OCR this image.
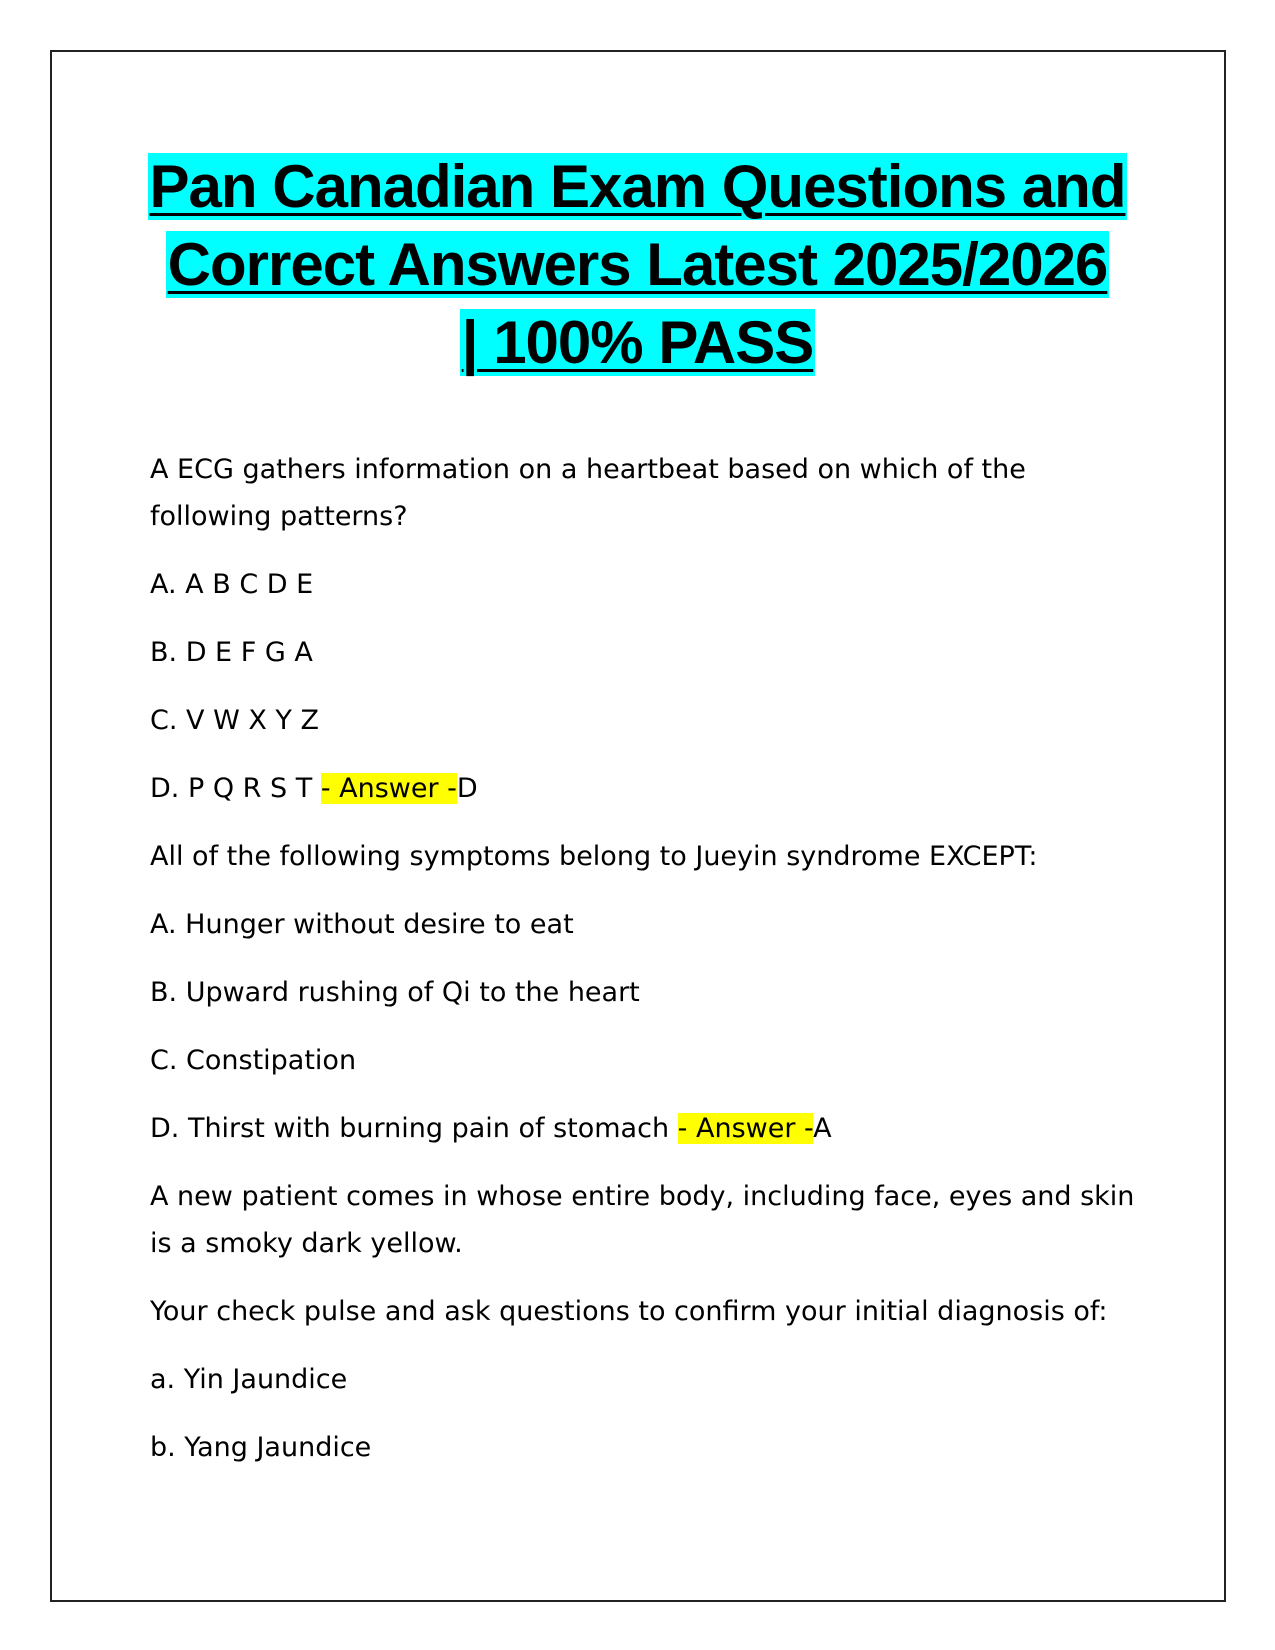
Pan Canadian Exam Questions and
Correct Answers Latest 2025/2026
| 100% PASS

A ECG gathers information on a heartbeat based on which of the following patterns?

A. A B C D E

B. D E F G A

C. V W X Y Z

D. P Q R S T - Answer -D

All of the following symptoms belong to Jueyin syndrome EXCEPT:

A. Hunger without desire to eat

B. Upward rushing of Qi to the heart

C. Constipation

D. Thirst with burning pain of stomach - Answer -A

A new patient comes in whose entire body, including face, eyes and skin is a smoky dark yellow.

Your check pulse and ask questions to confirm your initial diagnosis of:

a. Yin Jaundice

b. Yang Jaundice
